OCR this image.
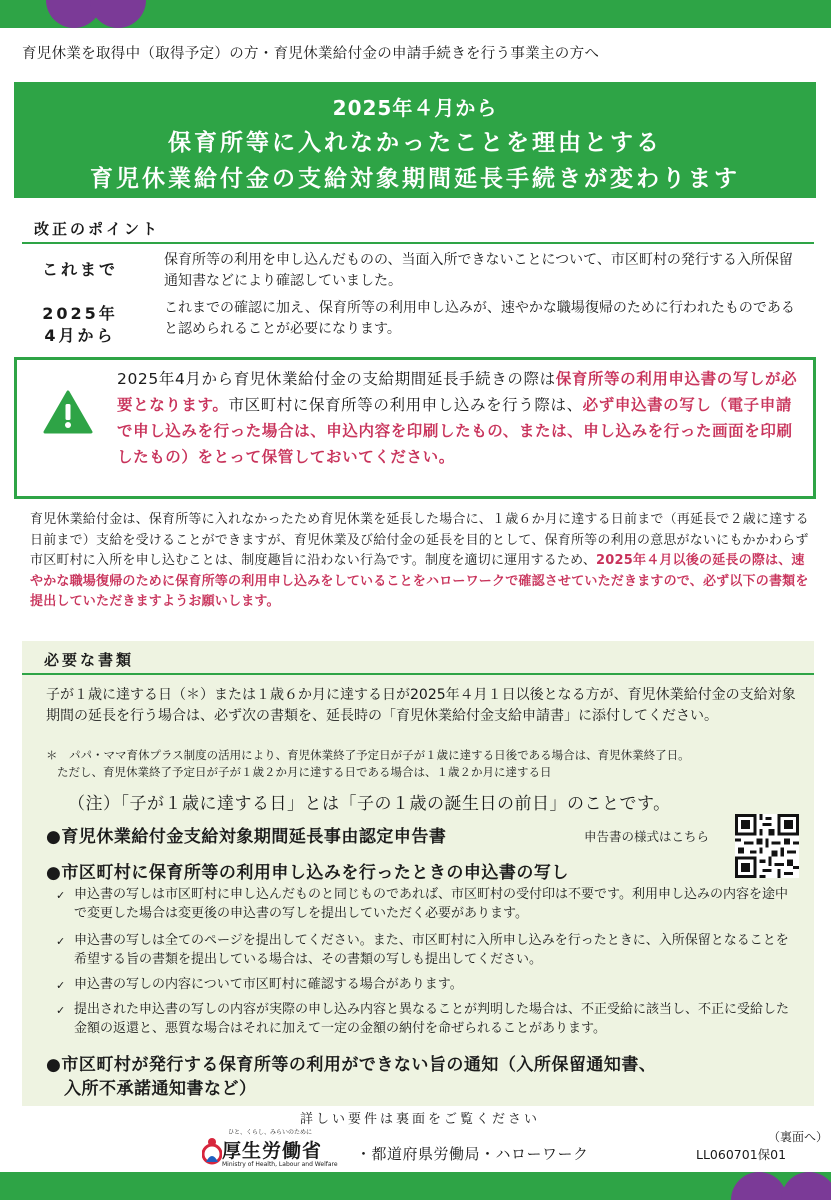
育児休業を取得中（取得予定）の方・育児休業給付金の申請手続きを行う事業主の方へ
2025年４月から
保育所等に入れなかったことを理由とする
育児休業給付金の支給対象期間延長手続きが変わります
改正のポイント
これまで	保育所等の利用を申し込んだものの、当面入所できないことについて、市区町村の発行する入所保留通知書などにより確認していました。
2025年
4月から
これまでの確認に加え、保育所等の利用申し込みが、速やかな職場復帰のために行われたものであると認められることが必要になります。
2025年4月から育児休業給付金の支給期間延長手続きの際は保育所等の利用申込書の写しが必要となります。市区町村に保育所等の利用申し込みを行う際は、必ず申込書の写し（電子申請で申し込みを行った場合は、申込内容を印刷したもの、または、申し込みを行った画面を印刷したもの）をとって保管しておいてください。
育児休業給付金は、保育所等に入れなかったため育児休業を延長した場合に、１歳６か月に達する日前まで（再延長で２歳に達する日前まで）支給を受けることができますが、育児休業及び給付金の延長を目的として、保育所等の利用の意思がないにもかかわらず市区町村に入所を申し込むことは、制度趣旨に沿わない行為です。制度を適切に運用するため、2025年４月以後の延長の際は、速やかな職場復帰のために保育所等の利用申し込みをしていることをハローワークで確認させていただきますので、必ず以下の書類を提出していただきますようお願いします。
必要な書類
子が１歳に達する日（＊）または１歳６か月に達する日が2025年４月１日以後となる方が、育児休業給付金の支給対象期間の延長を行う場合は、必ず次の書類を、延長時の「育児休業給付金支給申請書」に添付してください。
＊　パパ・ママ育休プラス制度の活用により、育児休業終了予定日が子が１歳に達する日後である場合は、育児休業終了日。
ただし、育児休業終了予定日が子が１歳２か月に達する日である場合は、１歳２か月に達する日
（注）「子が１歳に達する日」とは「子の１歳の誕生日の前日」のことです。
●育児休業給付金支給対象期間延長事由認定申告書	申告書の様式はこちら
●市区町村に保育所等の利用申し込みを行ったときの申込書の写し
✓ 申込書の写しは市区町村に申し込んだものと同じものであれば、市区町村の受付印は不要です。利用申し込みの内容を途中で変更した場合は変更後の申込書の写しを提出していただく必要があります。
✓ 申込書の写しは全てのページを提出してください。また、市区町村に入所申し込みを行ったときに、入所保留となることを希望する旨の書類を提出している場合は、その書類の写しも提出してください。
✓ 申込書の写しの内容について市区町村に確認する場合があります。
✓ 提出された申込書の写しの内容が実際の申し込み内容と異なることが判明した場合は、不正受給に該当し、不正に受給した金額の返還と、悪質な場合はそれに加えて一定の金額の納付を命ぜられることがあります。
●市区町村が発行する保育所等の利用ができない旨の通知（入所保留通知書、
入所不承諾通知書など）
詳しい要件は裏面をご覧ください
ひと、くらし、みらいのために
厚生労働省
Ministry of Health, Labour and Welfare
・都道府県労働局・ハローワーク
（裏面へ）
LL060701保01
